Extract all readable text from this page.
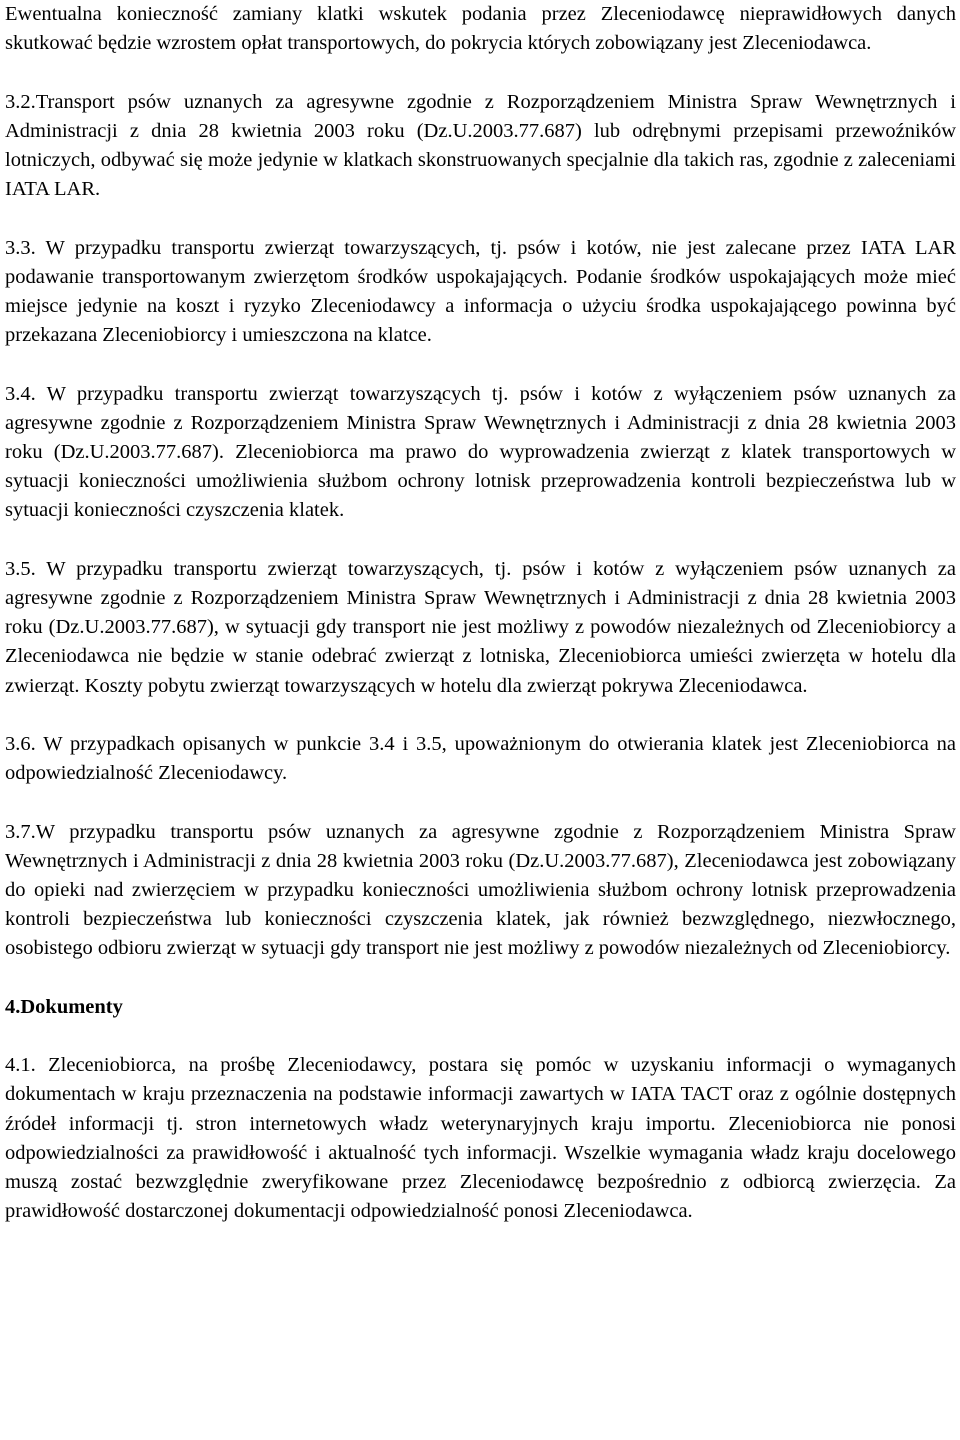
Ewentualna konieczność zamiany klatki wskutek podania przez Zleceniodawcę nieprawidłowych danych skutkować będzie wzrostem opłat transportowych, do pokrycia których zobowiązany jest Zleceniodawca.

3.2.Transport psów uznanych za agresywne zgodnie z Rozporządzeniem Ministra Spraw Wewnętrznych i Administracji z dnia 28 kwietnia 2003 roku (Dz.U.2003.77.687) lub odrębnymi przepisami przewoźników lotniczych, odbywać się może jedynie w klatkach skonstruowanych specjalnie dla takich ras, zgodnie z zaleceniami IATA LAR.

3.3. W przypadku transportu zwierząt towarzyszących, tj. psów i kotów, nie jest zalecane przez IATA LAR podawanie transportowanym zwierzętom środków uspokajających. Podanie środków uspokajających może mieć miejsce jedynie na koszt i ryzyko Zleceniodawcy a informacja o użyciu środka uspokajającego powinna być przekazana Zleceniobiorcy i umieszczona na klatce.

3.4. W przypadku transportu zwierząt towarzyszących tj. psów i kotów z wyłączeniem psów uznanych za agresywne zgodnie z Rozporządzeniem Ministra Spraw Wewnętrznych i Administracji z dnia 28 kwietnia 2003 roku (Dz.U.2003.77.687). Zleceniobiorca ma prawo do wyprowadzenia zwierząt z klatek transportowych w sytuacji konieczności umożliwienia służbom ochrony lotnisk przeprowadzenia kontroli bezpieczeństwa lub w sytuacji konieczności czyszczenia klatek.

3.5. W przypadku transportu zwierząt towarzyszących, tj. psów i kotów z wyłączeniem psów uznanych za agresywne zgodnie z Rozporządzeniem Ministra Spraw Wewnętrznych i Administracji z dnia 28 kwietnia 2003 roku (Dz.U.2003.77.687), w sytuacji gdy transport nie jest możliwy z powodów niezależnych od Zleceniobiorcy a Zleceniodawca nie będzie w stanie odebrać zwierząt z lotniska, Zleceniobiorca umieści zwierzęta w hotelu dla zwierząt. Koszty pobytu zwierząt towarzyszących w hotelu dla zwierząt pokrywa Zleceniodawca.

3.6. W przypadkach opisanych w punkcie 3.4 i 3.5, upoważnionym do otwierania klatek jest Zleceniobiorca na odpowiedzialność Zleceniodawcy.

3.7.W przypadku transportu psów uznanych za agresywne zgodnie z Rozporządzeniem Ministra Spraw Wewnętrznych i Administracji z dnia 28 kwietnia 2003 roku (Dz.U.2003.77.687), Zleceniodawca jest zobowiązany do opieki nad zwierzęciem w przypadku konieczności umożliwienia służbom ochrony lotnisk przeprowadzenia kontroli bezpieczeństwa lub konieczności czyszczenia klatek, jak również bezwzględnego, niezwłocznego, osobistego odbioru zwierząt w sytuacji gdy transport nie jest możliwy z powodów niezależnych od Zleceniobiorcy.

4.Dokumenty

4.1. Zleceniobiorca, na prośbę Zleceniodawcy, postara się pomóc w uzyskaniu informacji o wymaganych dokumentach w kraju przeznaczenia na podstawie informacji zawartych w IATA TACT oraz z ogólnie dostępnych źródeł informacji tj. stron internetowych władz weterynaryjnych kraju importu. Zleceniobiorca nie ponosi odpowiedzialności za prawidłowość i aktualność tych informacji. Wszelkie wymagania władz kraju docelowego muszą zostać bezwzględnie zweryfikowane przez Zleceniodawcę bezpośrednio z odbiorcą zwierzęcia. Za prawidłowość dostarczonej dokumentacji odpowiedzialność ponosi Zleceniodawca.
